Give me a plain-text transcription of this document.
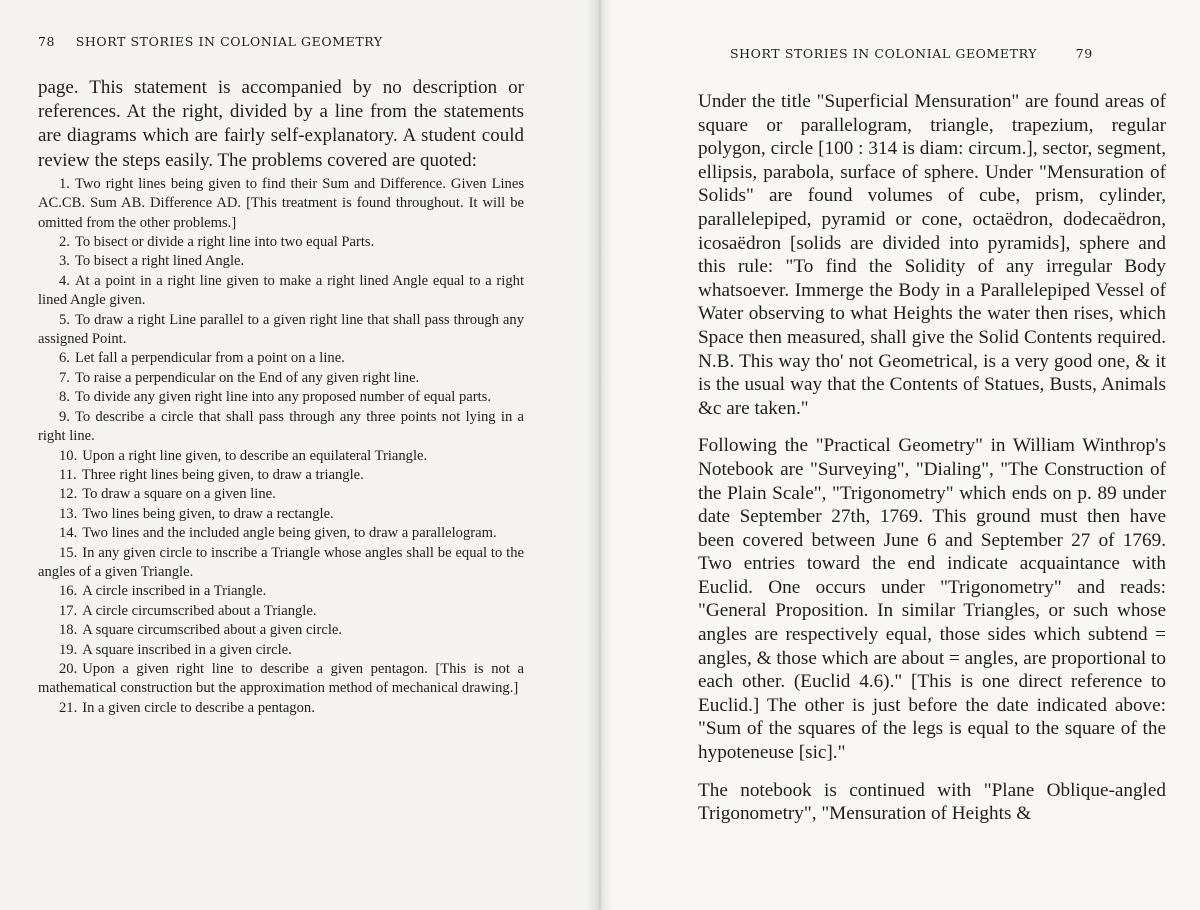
78 SHORT STORIES IN COLONIAL GEOMETRY

page. This statement is accompanied by no description or references. At the right, divided by a line from the statements are diagrams which are fairly self-explanatory. A student could review the steps easily. The problems covered are quoted:

1. Two right lines being given to find their Sum and Difference. Given Lines AC.CB. Sum AB. Difference AD. [This treatment is found throughout. It will be omitted from the other problems.]
2. To bisect or divide a right line into two equal Parts.
3. To bisect a right lined Angle.
4. At a point in a right line given to make a right lined Angle equal to a right lined Angle given.
5. To draw a right Line parallel to a given right line that shall pass through any assigned Point.
6. Let fall a perpendicular from a point on a line.
7. To raise a perpendicular on the End of any given right line.
8. To divide any given right line into any proposed number of equal parts.
9. To describe a circle that shall pass through any three points not lying in a right line.
10. Upon a right line given, to describe an equilateral Triangle.
11. Three right lines being given, to draw a triangle.
12. To draw a square on a given line.
13. Two lines being given, to draw a rectangle.
14. Two lines and the included angle being given, to draw a parallelogram.
15. In any given circle to inscribe a Triangle whose angles shall be equal to the angles of a given Triangle.
16. A circle inscribed in a Triangle.
17. A circle circumscribed about a Triangle.
18. A square circumscribed about a given circle.
19. A square inscribed in a given circle.
20. Upon a given right line to describe a given pentagon. [This is not a mathematical construction but the approximation method of mechanical drawing.]
21. In a given circle to describe a pentagon.
SHORT STORIES IN COLONIAL GEOMETRY	79

Under the title "Superficial Mensuration" are found areas of square or parallelogram, triangle, trapezium, regular polygon, circle [100 : 314 is diam: circum.], sector, segment, ellipsis, parabola, surface of sphere. Under "Mensuration of Solids" are found volumes of cube, prism, cylinder, parallelepiped, pyramid or cone, octaëdron, dodecaëdron, icosaëdron [solids are divided into pyramids], sphere and this rule: "To find the Solidity of any irregular Body whatsoever. Immerge the Body in a Parallelepiped Vessel of Water observing to what Heights the water then rises, which Space then measured, shall give the Solid Contents required. N.B. This way tho' not Geometrical, is a very good one, & it is the usual way that the Contents of Statues, Busts, Animals &c are taken."

Following the "Practical Geometry" in William Winthrop's Notebook are "Surveying", "Dialing", "The Construction of the Plain Scale", "Trigonometry" which ends on p. 89 under date September 27th, 1769. This ground must then have been covered between June 6 and September 27 of 1769. Two entries toward the end indicate acquaintance with Euclid. One occurs under "Trigonometry" and reads: "General Proposition. In similar Triangles, or such whose angles are respectively equal, those sides which subtend = angles, & those which are about = angles, are proportional to each other. (Euclid 4.6)." [This is one direct reference to Euclid.] The other is just before the date indicated above: "Sum of the squares of the legs is equal to the square of the hypoteneuse [sic]."

The notebook is continued with "Plane Oblique-angled Trigonometry", "Mensuration of Heights &
